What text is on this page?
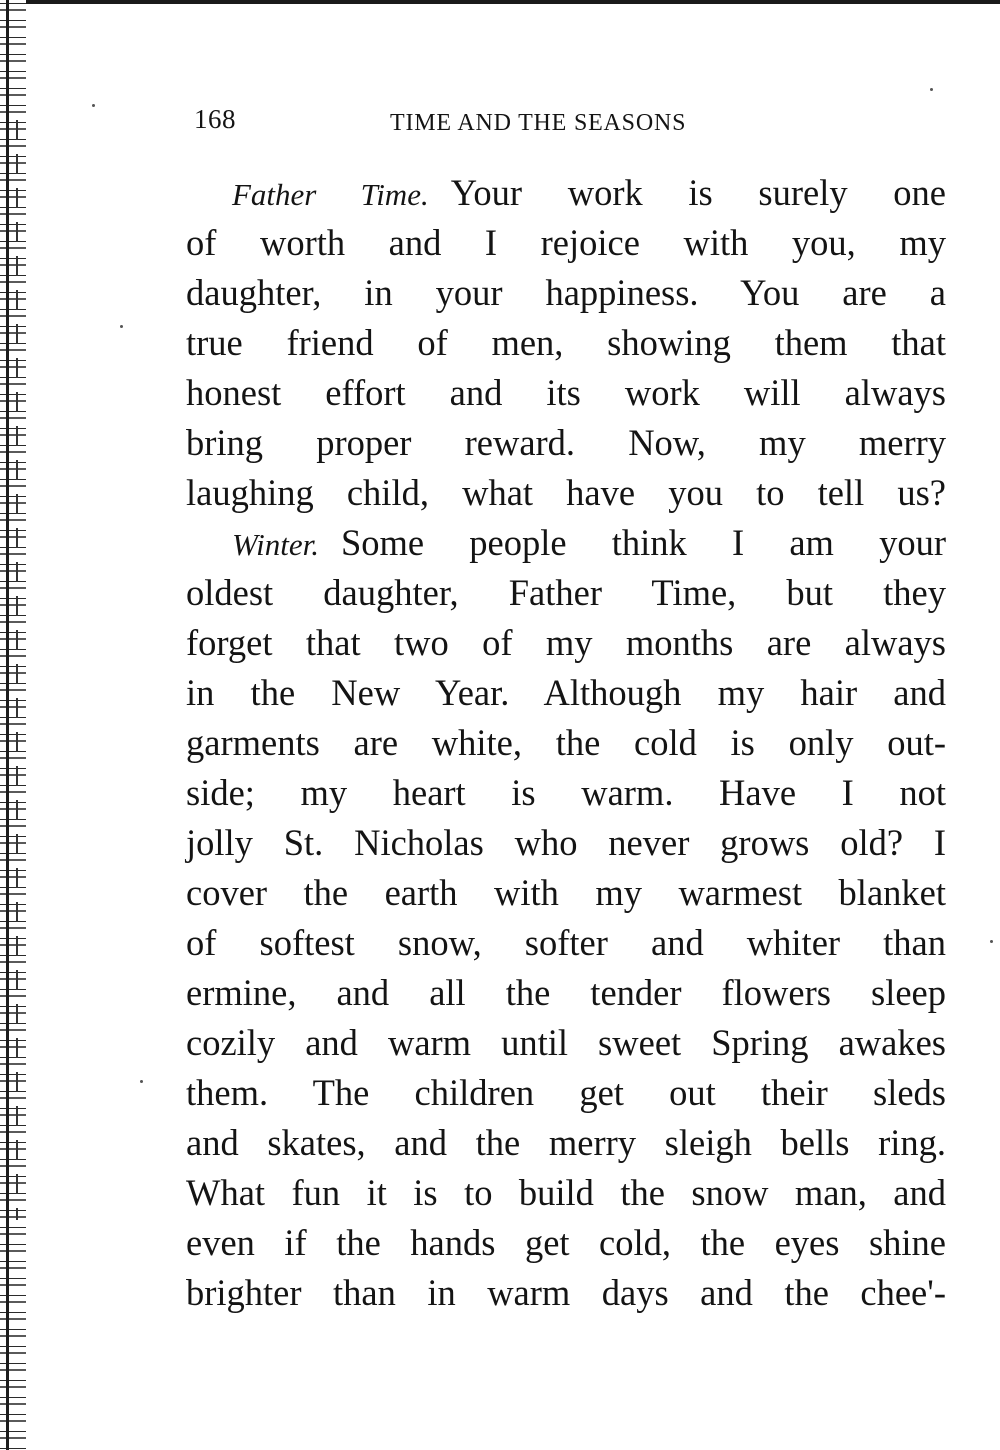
168	TIME AND THE SEASONS
Father Time. Your work is surely one
of worth and I rejoice with you, my
daughter, in your happiness. You are a
true friend of men, showing them that
honest effort and its work will always
bring proper reward. Now, my merry
laughing child, what have you to tell us?
Winter. Some people think I am your
oldest daughter, Father Time, but they
forget that two of my months are always
in the New Year. Although my hair and
garments are white, the cold is only out-
side; my heart is warm. Have I not
jolly St. Nicholas who never grows old? I
cover the earth with my warmest blanket
of softest snow, softer and whiter than
ermine, and all the tender flowers sleep
cozily and warm until sweet Spring awakes
them. The children get out their sleds
and skates, and the merry sleigh bells ring.
What fun it is to build the snow man, and
even if the hands get cold, the eyes shine
brighter than in warm days and the chee'-
